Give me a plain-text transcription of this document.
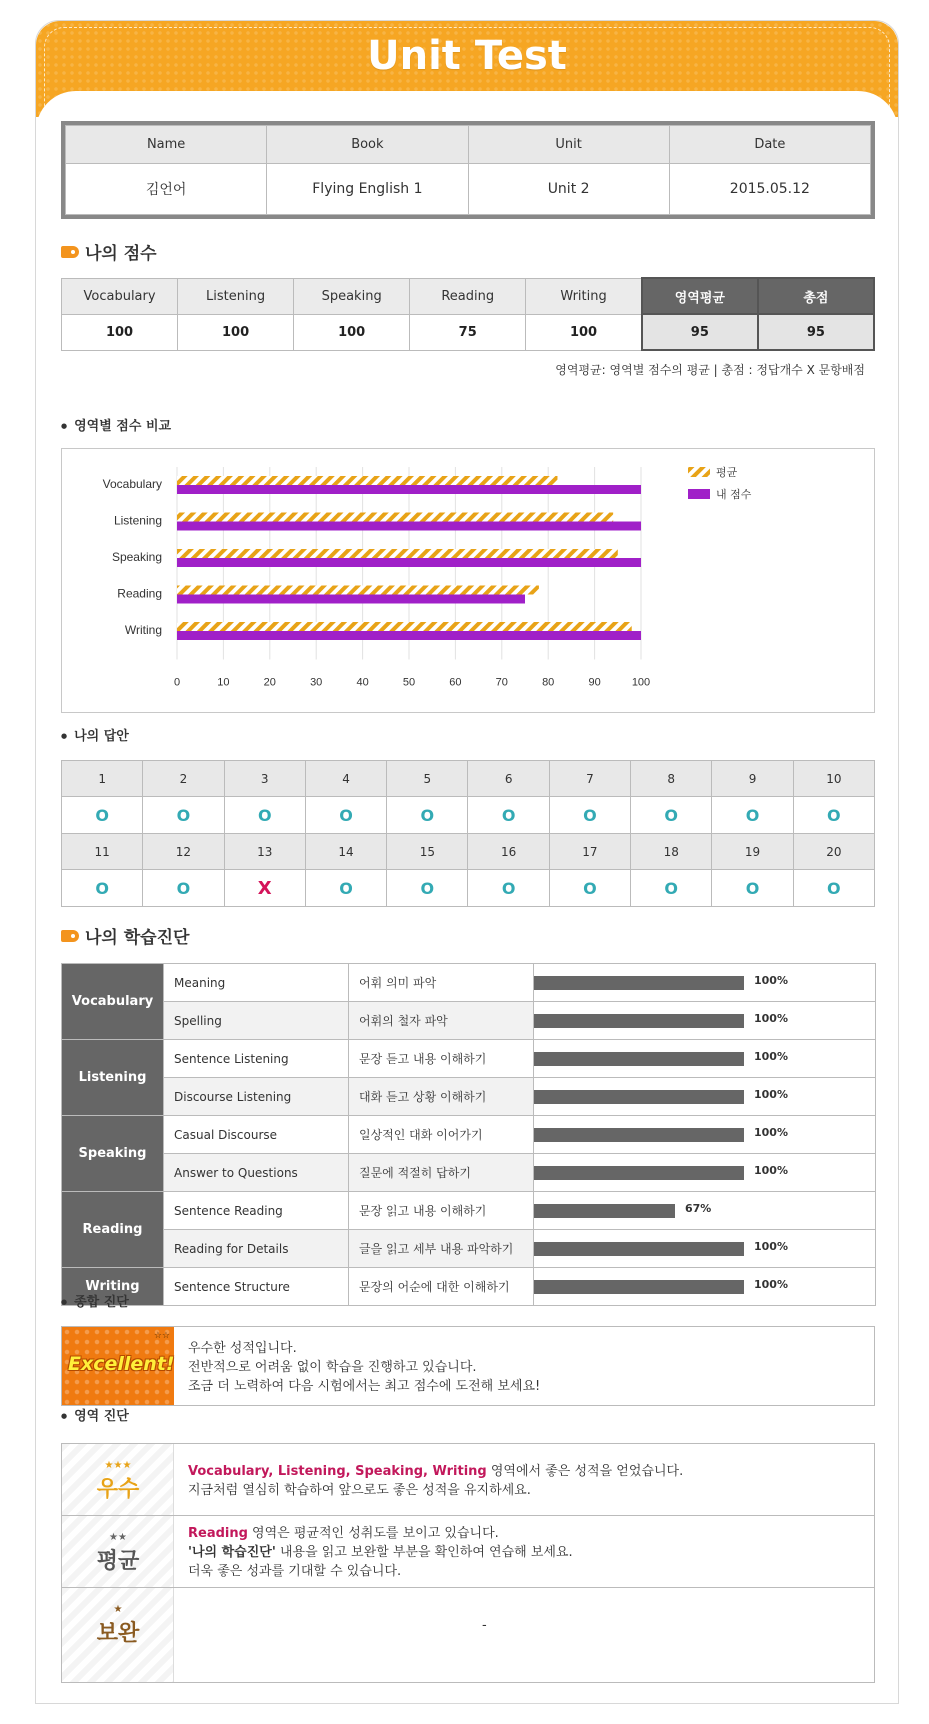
Unit Test
Name	Book	Unit	Date
김언어	Flying English 1	Unit 2	2015.05.12
나의 점수
Vocabulary	Listening	Speaking	Reading	Writing	영역평균	총점
100	100	100	75	100	95	95
영역평균: 영역별 점수의 평균 | 총점 : 정답개수 X 문항배점
● 영역별 점수 비교
0	10	20	30	40	50	60	70	80	90	100
Vocabulary
Listening
Speaking
Reading
Writing
평균
내 점수
● 나의 답안
1	2	3	4	5	6	7	8	9	10
O	O	O	O	O	O	O	O	O	O
11	12	13	14	15	16	17	18	19	20
O	O	X	O	O	O	O	O	O	O
나의 학습진단
Vocabulary	Meaning	어휘 의미 파악	100%

	Spelling	어휘의 철자 파악	100%

Listening	Sentence Listening	문장 듣고 내용 이해하기	100%

	Discourse Listening	대화 듣고 상황 이해하기	100%

Speaking	Casual Discourse	일상적인 대화 이어가기	100%

	Answer to Questions	질문에 적절히 답하기	100%

Reading	Sentence Reading	문장 읽고 내용 이해하기	67%

	Reading for Details	글을 읽고 세부 내용 파악하기	100%

Writing	Sentence Structure	문장의 어순에 대한 이해하기	100%
● 종합 진단
Excellent!
☆☆
우수한 성적입니다.
전반적으로 어려움 없이 학습을 진행하고 있습니다.
조금 더 노력하여 다음 시험에서는 최고 점수에 도전해 보세요!
● 영역 진단
★★★
우수
Vocabulary, Listening, Speaking, Writing 영역에서 좋은 성적을 얻었습니다.
지금처럼 열심히 학습하여 앞으로도 좋은 성적을 유지하세요.
★★
평균
Reading 영역은 평균적인 성취도를 보이고 있습니다.
'나의 학습진단' 내용을 읽고 보완할 부분을 확인하여 연습해 보세요.
더욱 좋은 성과를 기대할 수 있습니다.
★
보완	-
